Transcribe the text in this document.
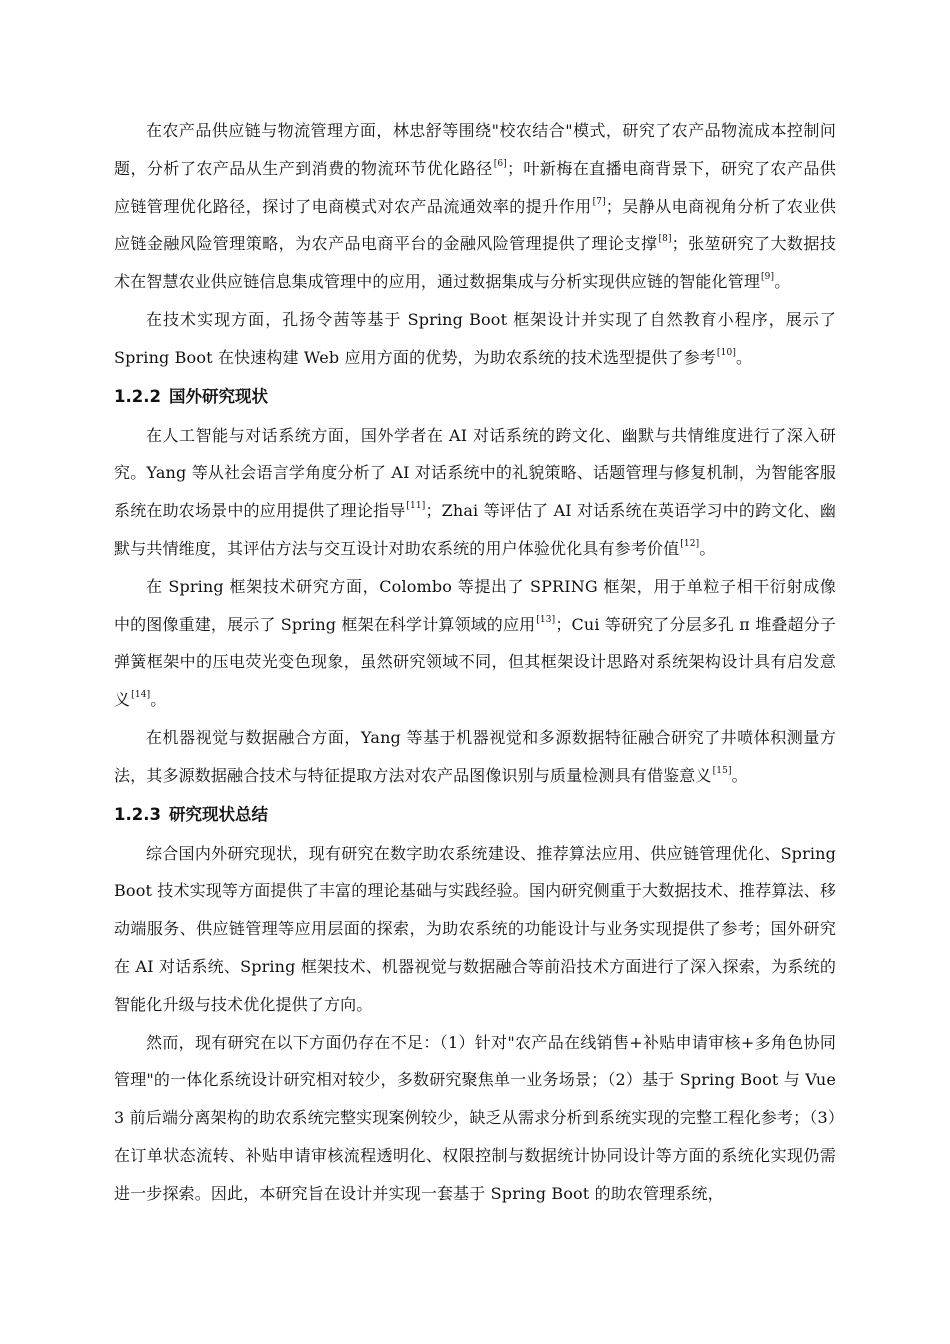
在农产品供应链与物流管理方面，林忠舒等围绕"校农结合"模式，研究了农产品物流成本控制问题，分析了农产品从生产到消费的物流环节优化路径[6]；叶新梅在直播电商背景下，研究了农产品供应链管理优化路径，探讨了电商模式对农产品流通效率的提升作用[7]；吴静从电商视角分析了农业供应链金融风险管理策略，为农产品电商平台的金融风险管理提供了理论支撑[8]；张堃研究了大数据技术在智慧农业供应链信息集成管理中的应用，通过数据集成与分析实现供应链的智能化管理[9]。

在技术实现方面，孔扬令茜等基于 Spring Boot 框架设计并实现了自然教育小程序，展示了 Spring Boot 在快速构建 Web 应用方面的优势，为助农系统的技术选型提供了参考[10]。

1.2.2 国外研究现状

在人工智能与对话系统方面，国外学者在 AI 对话系统的跨文化、幽默与共情维度进行了深入研究。Yang 等从社会语言学角度分析了 AI 对话系统中的礼貌策略、话题管理与修复机制，为智能客服系统在助农场景中的应用提供了理论指导[11]；Zhai 等评估了 AI 对话系统在英语学习中的跨文化、幽默与共情维度，其评估方法与交互设计对助农系统的用户体验优化具有参考价值[12]。

在 Spring 框架技术研究方面，Colombo 等提出了 SPRING 框架，用于单粒子相干衍射成像中的图像重建，展示了 Spring 框架在科学计算领域的应用[13]；Cui 等研究了分层多孔 π 堆叠超分子弹簧框架中的压电荧光变色现象，虽然研究领域不同，但其框架设计思路对系统架构设计具有启发意义[14]。

在机器视觉与数据融合方面，Yang 等基于机器视觉和多源数据特征融合研究了井喷体积测量方法，其多源数据融合技术与特征提取方法对农产品图像识别与质量检测具有借鉴意义[15]。

1.2.3 研究现状总结

综合国内外研究现状，现有研究在数字助农系统建设、推荐算法应用、供应链管理优化、Spring Boot 技术实现等方面提供了丰富的理论基础与实践经验。国内研究侧重于大数据技术、推荐算法、移动端服务、供应链管理等应用层面的探索，为助农系统的功能设计与业务实现提供了参考；国外研究在 AI 对话系统、Spring 框架技术、机器视觉与数据融合等前沿技术方面进行了深入探索，为系统的智能化升级与技术优化提供了方向。

然而，现有研究在以下方面仍存在不足：（1）针对"农产品在线销售+补贴申请审核+多角色协同管理"的一体化系统设计研究相对较少，多数研究聚焦单一业务场景；（2）基于 Spring Boot 与 Vue 3 前后端分离架构的助农系统完整实现案例较少，缺乏从需求分析到系统实现的完整工程化参考；（3）在订单状态流转、补贴申请审核流程透明化、权限控制与数据统计协同设计等方面的系统化实现仍需进一步探索。因此，本研究旨在设计并实现一套基于 Spring Boot 的助农管理系统，
